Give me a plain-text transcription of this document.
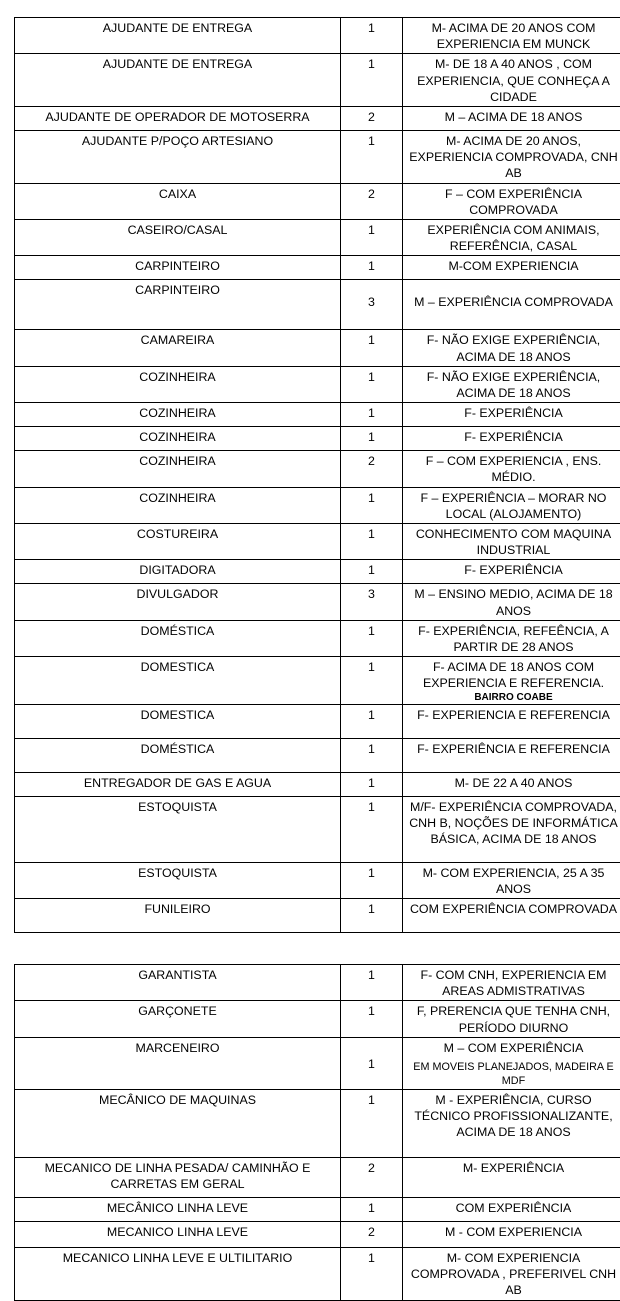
AJUDANTE DE ENTREGA	1	M- ACIMA DE 20 ANOS COM EXPERIENCIA EM MUNCK
AJUDANTE DE ENTREGA	1	M- DE 18 A 40 ANOS , COM EXPERIENCIA, QUE CONHEÇA A CIDADE
AJUDANTE DE OPERADOR DE MOTOSERRA	2	M – ACIMA DE 18 ANOS
AJUDANTE P/POÇO ARTESIANO	1	M- ACIMA DE 20 ANOS, EXPERIENCIA COMPROVADA, CNH AB
CAIXA	2	F – COM EXPERIÊNCIA COMPROVADA
CASEIRO/CASAL	1	EXPERIÊNCIA COM ANIMAIS, REFERÊNCIA, CASAL
CARPINTEIRO	1	M-COM EXPERIENCIA
CARPINTEIRO	3	M – EXPERIÊNCIA COMPROVADA
CAMAREIRA	1	F- NÃO EXIGE EXPERIÊNCIA, ACIMA DE 18 ANOS
COZINHEIRA	1	F- NÃO EXIGE EXPERIÊNCIA, ACIMA DE 18 ANOS
COZINHEIRA	1	F- EXPERIÊNCIA
COZINHEIRA	1	F- EXPERIÊNCIA
COZINHEIRA	2	F – COM EXPERIENCIA , ENS. MÉDIO.
COZINHEIRA	1	F – EXPERIÊNCIA – MORAR NO LOCAL (ALOJAMENTO)
COSTUREIRA	1	CONHECIMENTO COM MAQUINA INDUSTRIAL
DIGITADORA	1	F- EXPERIÊNCIA
DIVULGADOR	3	M – ENSINO MEDIO, ACIMA DE 18 ANOS
DOMÉSTICA	1	F- EXPERIÊNCIA, REFEÊNCIA, A PARTIR DE 28 ANOS
DOMESTICA	1	F- ACIMA DE 18 ANOS COM EXPERIENCIA E REFERENCIA.
BAIRRO COABE

DOMESTICA	1	F- EXPERIENCIA E REFERENCIA
DOMÉSTICA	1	F- EXPERIÊNCIA E REFERENCIA
ENTREGADOR DE GAS E AGUA	1	M- DE 22 A 40 ANOS
ESTOQUISTA	1	M/F- EXPERIÊNCIA COMPROVADA, CNH B, NOÇÕES DE INFORMÁTICA BÁSICA, ACIMA DE 18 ANOS
ESTOQUISTA	1	M- COM EXPERIENCIA, 25 A 35 ANOS
FUNILEIRO	1	COM EXPERIÊNCIA COMPROVADA
GARANTISTA	1	F- COM CNH, EXPERIENCIA EM AREAS ADMISTRATIVAS
GARÇONETE	1	F, PRERENCIA QUE TENHA CNH, PERÍODO DIURNO
MARCENEIRO	1	M – COM EXPERIÊNCIA
EM MOVEIS PLANEJADOS, MADEIRA E MDF

MECÂNICO DE MAQUINAS	1	M - EXPERIÊNCIA, CURSO TÉCNICO PROFISSIONALIZANTE, ACIMA DE 18 ANOS
MECANICO DE LINHA PESADA/ CAMINHÃO E CARRETAS EM GERAL	2	M- EXPERIÊNCIA
MECÂNICO LINHA LEVE	1	COM EXPERIÊNCIA
MECANICO LINHA LEVE	2	M - COM EXPERIENCIA
MECANICO LINHA LEVE E ULTILITARIO	1	M- COM EXPERIENCIA COMPROVADA , PREFERIVEL CNH AB
